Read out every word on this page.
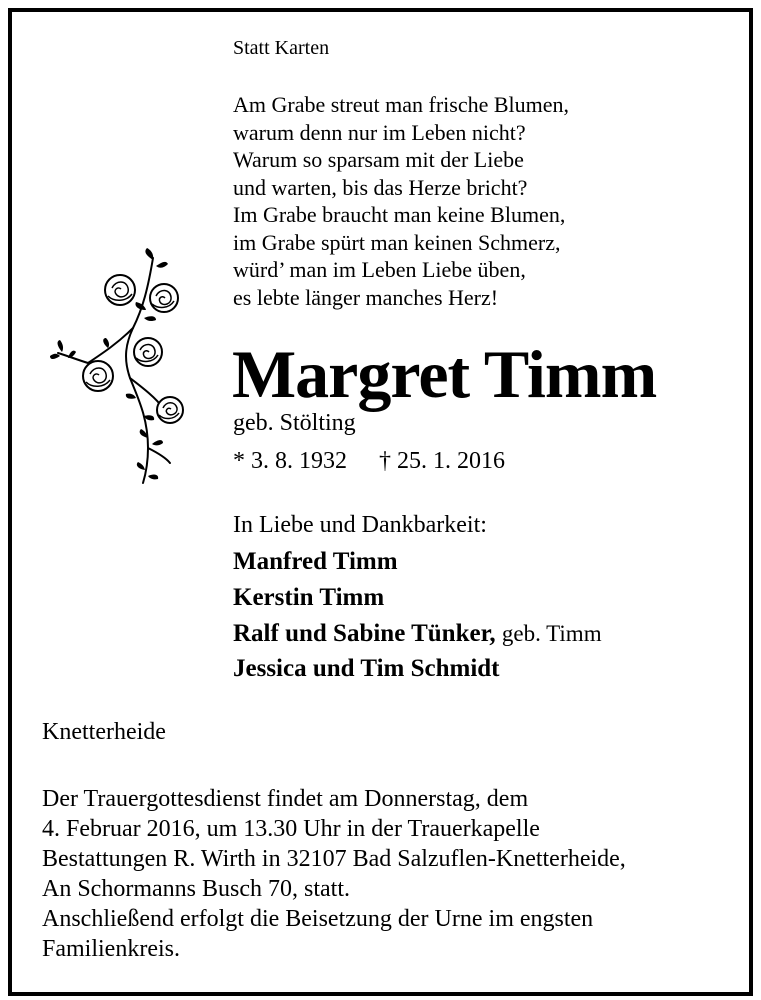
Statt Karten
Am Grabe streut man frische Blumen,
warum denn nur im Leben nicht?
Warum so sparsam mit der Liebe
und warten, bis das Herze bricht?
Im Grabe braucht man keine Blumen,
im Grabe spürt man keinen Schmerz,
würd’ man im Leben Liebe üben,
es lebte länger manches Herz!
Margret Timm
geb. Stölting
* 3. 8. 1932 † 25. 1. 2016
In Liebe und Dankbarkeit:
Manfred Timm
Kerstin Timm
Ralf und Sabine Tünker, geb. Timm
Jessica und Tim Schmidt
Knetterheide
Der Trauergottesdienst findet am Donnerstag, dem
4. Februar 2016, um 13.30 Uhr in der Trauerkapelle
Bestattungen R. Wirth in 32107 Bad Salzuflen-Knetterheide,
An Schormanns Busch 70, statt.
Anschließend erfolgt die Beisetzung der Urne im engsten
Familienkreis.
